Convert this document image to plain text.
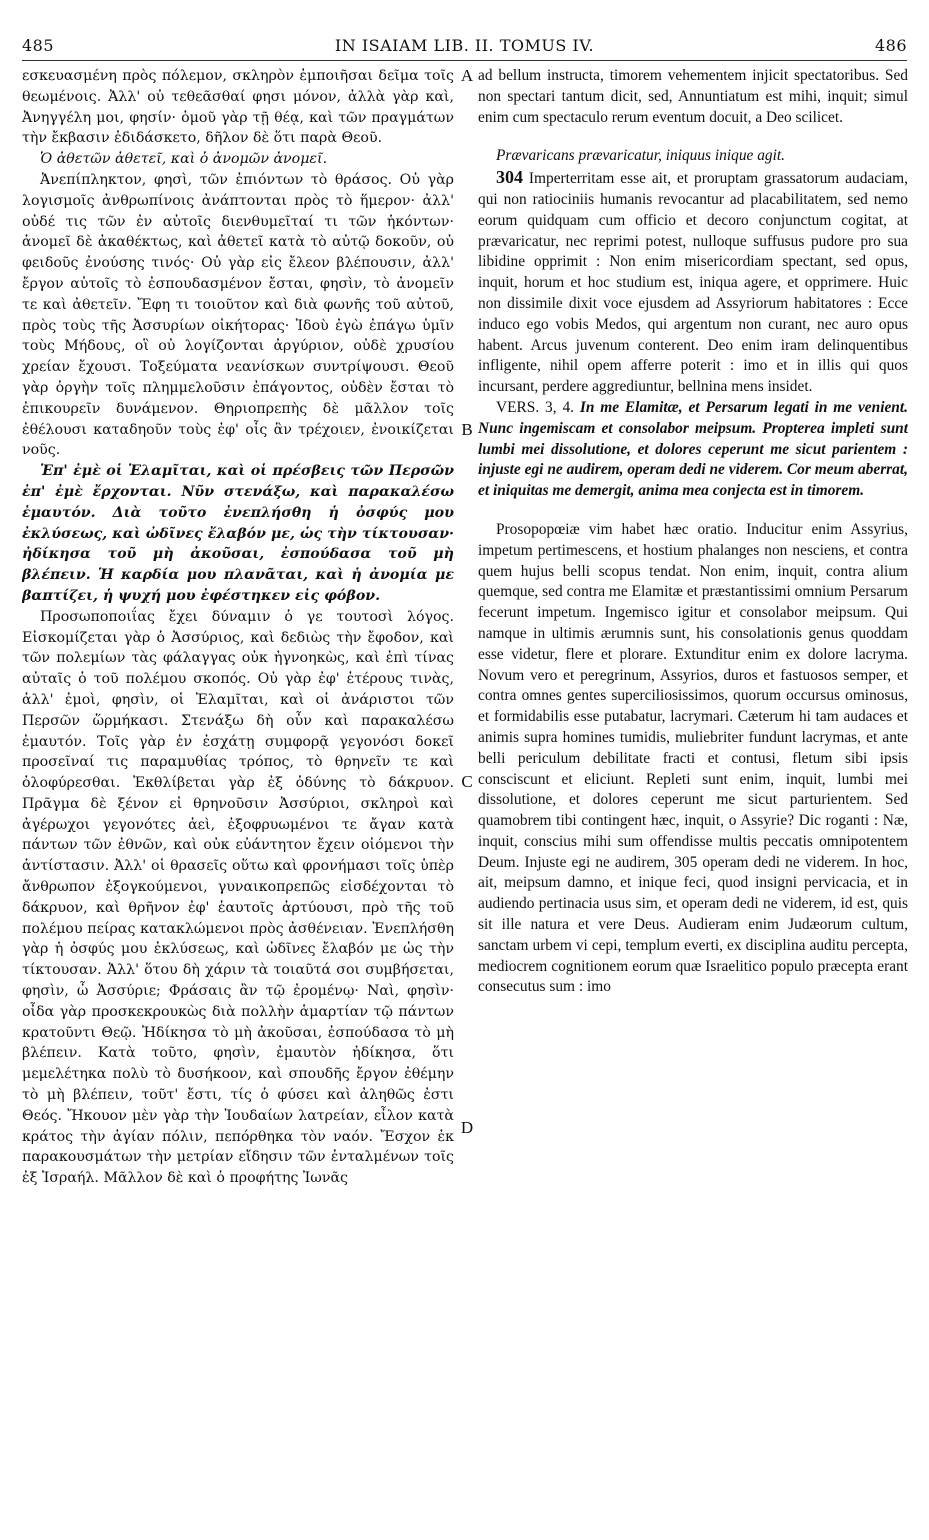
485	IN ISAIAM LIB. II. TOMUS IV.	486

εσκευασμένη πρὸς πόλεμον, σκληρὸν ἐμποιῆσαι δεῖμα τοῖς θεωμένοις. Ἀλλ' οὐ τεθεᾶσθαί φησι μόνον, ἀλλὰ γὰρ καὶ, Ἀνηγγέλη μοι, φησίν· ὁμοῦ γὰρ τῇ θέᾳ, καὶ τῶν πραγμάτων τὴν ἔκβασιν ἐδιδάσκετο, δῆλον δὲ ὅτι παρὰ Θεοῦ.

Ὁ ἀθετῶν ἀθετεῖ, καὶ ὁ ἀνομῶν ἀνομεῖ.

Ἀνεπίπληκτον, φησὶ, τῶν ἐπιόντων τὸ θράσος. Οὐ γὰρ λογισμοῖς ἀνθρωπίνοις ἀνάπτονται πρὸς τὸ ἥμερον· ἀλλ' οὐδέ τις τῶν ἐν αὐτοῖς διενθυμεῖταί τι τῶν ἡκόντων· ἀνομεῖ δὲ ἀκαθέκτως, καὶ ἀθετεῖ κατὰ τὸ αὐτῷ δοκοῦν, οὐ φειδοῦς ἐνούσης τινός· Οὐ γὰρ εἰς ἔλεον βλέπουσιν, ἀλλ' ἔργον αὐτοῖς τὸ ἐσπουδασμένον ἔσται, φησὶν, τὸ ἀνομεῖν τε καὶ ἀθετεῖν. Ἔφη τι τοιοῦτον καὶ διὰ φωνῆς τοῦ αὐτοῦ, πρὸς τοὺς τῆς Ἀσσυρίων οἰκήτορας· Ἰδοὺ ἐγὼ ἐπάγω ὑμῖν τοὺς Μήδους, οἳ οὐ λογίζονται ἀργύριον, οὐδὲ χρυσίου χρείαν ἔχουσι. Τοξεύματα νεανίσκων συντρίψουσι. Θεοῦ γὰρ ὀργὴν τοῖς πλημμελοῦσιν ἐπάγοντος, οὐδὲν ἔσται τὸ ἐπικουρεῖν δυνάμενον. Θηριοπρεπὴς δὲ μᾶλλον τοῖς ἐθέλουσι καταδηοῦν τοὺς ἐφ' οἷς ἂν τρέχοιεν, ἐνοικίζεται νοῦς.

Ἐπ' ἐμὲ οἱ Ἐλαμῖται, καὶ οἱ πρέσβεις τῶν Περσῶν ἐπ' ἐμὲ ἔρχονται. Νῦν στενάξω, καὶ παρακαλέσω ἐμαυτόν. Διὰ τοῦτο ἐνεπλήσθη ἡ ὀσφύς μου ἐκλύσεως, καὶ ὠδῖνες ἔλαβόν με, ὡς τὴν τίκτουσαν· ἠδίκησα τοῦ μὴ ἀκοῦσαι, ἐσπούδασα τοῦ μὴ βλέπειν. Ἡ καρδία μου πλανᾶται, καὶ ἡ ἀνομία με βαπτίζει, ἡ ψυχή μου ἐφέστηκεν εἰς φόβον.

Προσωποποιΐας ἔχει δύναμιν ὁ γε τουτοσὶ λόγος. Εἰσκομίζεται γὰρ ὁ Ἀσσύριος, καὶ δεδιὼς τὴν ἔφοδον, καὶ τῶν πολεμίων τὰς φάλαγγας οὐκ ἠγνοηκὼς, καὶ ἐπὶ τίνας αὐταῖς ὁ τοῦ πολέμου σκοπός. Οὐ γὰρ ἐφ' ἑτέρους τινὰς, ἀλλ' ἐμοὶ, φησὶν, οἱ Ἐλαμῖται, καὶ οἱ ἀνάριστοι τῶν Περσῶν ὥρμήκασι. Στενάξω δὴ οὖν καὶ παρακαλέσω ἐμαυτόν. Τοῖς γὰρ ἐν ἐσχάτῃ συμφορᾷ γεγονόσι δοκεῖ προσεῖναί τις παραμυθίας τρόπος, τὸ θρηνεῖν τε καὶ ὀλοφύρεσθαι. Ἐκθλίβεται γὰρ ἐξ ὀδύνης τὸ δάκρυον. Πρᾶγμα δὲ ξένον εἰ θρηνοῦσιν Ἀσσύριοι, σκληροὶ καὶ ἀγέρωχοι γεγονότες ἀεὶ, ἐξοφρυωμένοι τε ἄγαν κατὰ πάντων τῶν ἐθνῶν, καὶ οὐκ εὐάντητον ἔχειν οἰόμενοι τὴν ἀντίστασιν. Ἀλλ' οἱ θρασεῖς οὕτω καὶ φρονήμασι τοῖς ὑπὲρ ἄνθρωπον ἐξογκούμενοι, γυναικοπρεπῶς εἰσδέχονται τὸ δάκρυον, καὶ θρῆνον ἐφ' ἑαυτοῖς ἀρτύουσι, πρὸ τῆς τοῦ πολέμου πείρας κατακλώμενοι πρὸς ἀσθένειαν. Ἐνεπλήσθη γὰρ ἡ ὀσφύς μου ἐκλύσεως, καὶ ὠδῖνες ἔλαβόν με ὡς τὴν τίκτουσαν. Ἀλλ' ὅτου δὴ χάριν τὰ τοιαῦτά σοι συμβήσεται, φησὶν, ὦ Ἀσσύριε; Φράσαις ἂν τῷ ἐρομένῳ· Ναὶ, φησὶν· οἶδα γὰρ προσκεκρουκὼς διὰ πολλὴν ἁμαρτίαν τῷ πάντων κρατοῦντι Θεῷ. Ἠδίκησα τὸ μὴ ἀκοῦσαι, ἐσπούδασα τὸ μὴ βλέπειν. Κατὰ τοῦτο, φησὶν, ἐμαυτὸν ἠδίκησα, ὅτι μεμελέτηκα πολὺ τὸ δυσήκοον, καὶ σπουδῆς ἔργον ἐθέμην τὸ μὴ βλέπειν, τοῦτ' ἔστι, τίς ὁ φύσει καὶ ἀληθῶς ἐστι Θεός. Ἤκουον μὲν γὰρ τὴν Ἰουδαίων λατρείαν, εἶλον κατὰ κράτος τὴν ἁγίαν πόλιν, πεπόρθηκα τὸν ναόν. Ἔσχον ἐκ παρακουσμάτων τὴν μετρίαν εἴδησιν τῶν ἐνταλμένων τοῖς ἐξ Ἰσραήλ. Μᾶλλον δὲ καὶ ὁ προφήτης Ἰωνᾶς

A
B
C
D

ad bellum instructa, timorem vehementem injicit spectatoribus. Sed non spectari tantum dicit, sed, Annuntiatum est mihi, inquit; simul enim cum spectaculo rerum eventum docuit, a Deo scilicet.

Prævaricans prævaricatur, iniquus inique agit.

304 Imperterritam esse ait, et proruptam grassatorum audaciam, qui non ratiociniis humanis revocantur ad placabilitatem, sed nemo eorum quidquam cum officio et decoro conjunctum cogitat, at prævaricatur, nec reprimi potest, nulloque suffusus pudore pro sua libidine opprimit : Non enim misericordiam spectant, sed opus, inquit, horum et hoc studium est, iniqua agere, et opprimere. Huic non dissimile dixit voce ejusdem ad Assyriorum habitatores : Ecce induco ego vobis Medos, qui argentum non curant, nec auro opus habent. Arcus juvenum conterent. Deo enim iram delinquentibus infligente, nihil opem afferre poterit : imo et in illis qui quos incursant, perdere aggrediuntur, bellnina mens insidet.

VERS. 3, 4. In me Elamitæ, et Persarum legati in me venient. Nunc ingemiscam et consolabor meipsum. Propterea impleti sunt lumbi mei dissolutione, et dolores ceperunt me sicut parientem : injuste egi ne audirem, operam dedi ne viderem. Cor meum aberrat, et iniquitas me demergit, anima mea conjecta est in timorem.

Prosopopœiæ vim habet hæc oratio. Inducitur enim Assyrius, impetum pertimescens, et hostium phalanges non nesciens, et contra quem hujus belli scopus tendat. Non enim, inquit, contra alium quemque, sed contra me Elamitæ et præstantissimi omnium Persarum fecerunt impetum. Ingemisco igitur et consolabor meipsum. Qui namque in ultimis ærumnis sunt, his consolationis genus quoddam esse videtur, flere et plorare. Extunditur enim ex dolore lacryma. Novum vero et peregrinum, Assyrios, duros et fastuosos semper, et contra omnes gentes superciliosissimos, quorum occursus ominosus, et formidabilis esse putabatur, lacrymari. Cæterum hi tam audaces et animis supra homines tumidis, muliebriter fundunt lacrymas, et ante belli periculum debilitate fracti et contusi, fletum sibi ipsis consciscunt et eliciunt. Repleti sunt enim, inquit, lumbi mei dissolutione, et dolores ceperunt me sicut parturientem. Sed quamobrem tibi contingent hæc, inquit, o Assyrie? Dic roganti : Næ, inquit, conscius mihi sum offendisse multis peccatis omnipotentem Deum. Injuste egi ne audirem, 305 operam dedi ne viderem. In hoc, ait, meipsum damno, et inique feci, quod insigni pervicacia, et in audiendo pertinacia usus sim, et operam dedi ne viderem, id est, quis sit ille natura et vere Deus. Audieram enim Judæorum cultum, sanctam urbem vi cepi, templum everti, ex disciplina auditu percepta, mediocrem cognitionem eorum quæ Israelitico populo præcepta erant consecutus sum : imo
